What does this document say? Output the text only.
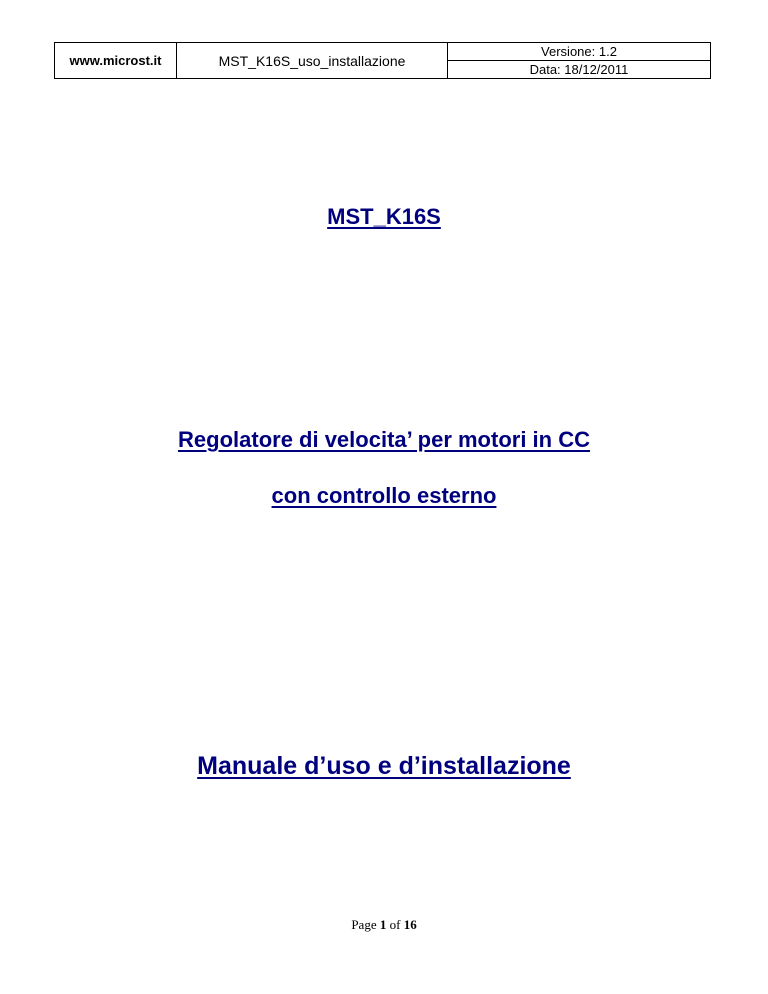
www.microst.it	MST_K16S_uso_installazione	Versione: 1.2
Data: 18/12/2011
MST_K16S
Regolatore di velocita’ per motori in CC
con controllo esterno
Manuale d’uso e d’installazione
Page 1 of 16
